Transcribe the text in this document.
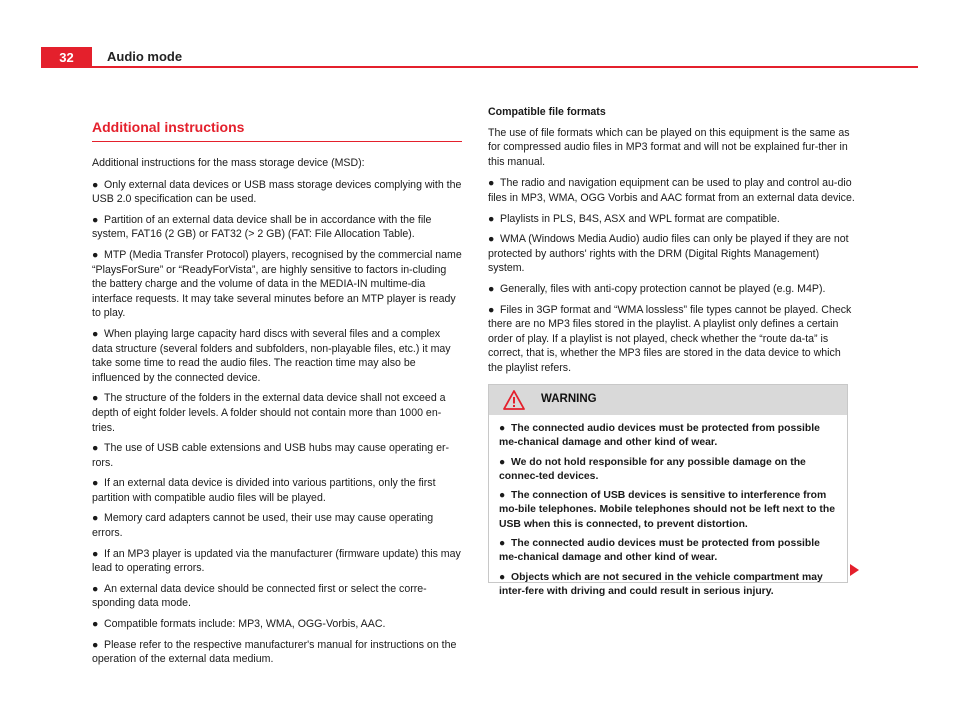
32	Audio mode
Additional instructions

Additional instructions for the mass storage device (MSD):

● Only external data devices or USB mass storage devices complying with the USB 2.0 specification can be used.
● Partition of an external data device shall be in accordance with the file system, FAT16 (2 GB) or FAT32 (> 2 GB) (FAT: File Allocation Table).
● MTP (Media Transfer Protocol) players, recognised by the commercial name “PlaysForSure” or “ReadyForVista”, are highly sensitive to factors in-cluding the battery charge and the volume of data in the MEDIA-IN multime-dia interface requests. It may take several minutes before an MTP player is ready to play.
● When playing large capacity hard discs with several files and a complex data structure (several folders and subfolders, non-playable files, etc.) it may take some time to read the audio files. The reaction time may also be influenced by the connected device.
● The structure of the folders in the external data device shall not exceed a depth of eight folder levels. A folder should not contain more than 1000 en-tries.
● The use of USB cable extensions and USB hubs may cause operating er-rors.
● If an external data device is divided into various partitions, only the first partition with compatible audio files will be played.
● Memory card adapters cannot be used, their use may cause operating errors.
● If an MP3 player is updated via the manufacturer (firmware update) this may lead to operating errors.
● An external data device should be connected first or select the corre-sponding data mode.
● Compatible formats include: MP3, WMA, OGG-Vorbis, AAC.
● Please refer to the respective manufacturer's manual for instructions on the operation of the external data medium.
Compatible file formats

The use of file formats which can be played on this equipment is the same as for compressed audio files in MP3 format and will not be explained fur-ther in this manual.

● The radio and navigation equipment can be used to play and control au-dio files in MP3, WMA, OGG Vorbis and AAC format from an external data device.
● Playlists in PLS, B4S, ASX and WPL format are compatible.
● WMA (Windows Media Audio) audio files can only be played if they are not protected by authors' rights with the DRM (Digital Rights Management) system.
● Generally, files with anti-copy protection cannot be played (e.g. M4P).
● Files in 3GP format and “WMA lossless” file types cannot be played. Check there are no MP3 files stored in the playlist. A playlist only defines a certain order of play. If a playlist is not played, check whether the “route da-ta” is correct, that is, whether the MP3 files are stored in the data device to which the playlist refers.
WARNING
● The connected audio devices must be protected from possible me-chanical damage and other kind of wear.
● We do not hold responsible for any possible damage on the connec-ted devices.
● The connection of USB devices is sensitive to interference from mo-bile telephones. Mobile telephones should not be left next to the USB when this is connected, to prevent distortion.
● The connected audio devices must be protected from possible me-chanical damage and other kind of wear.
● Objects which are not secured in the vehicle compartment may inter-fere with driving and could result in serious injury.
